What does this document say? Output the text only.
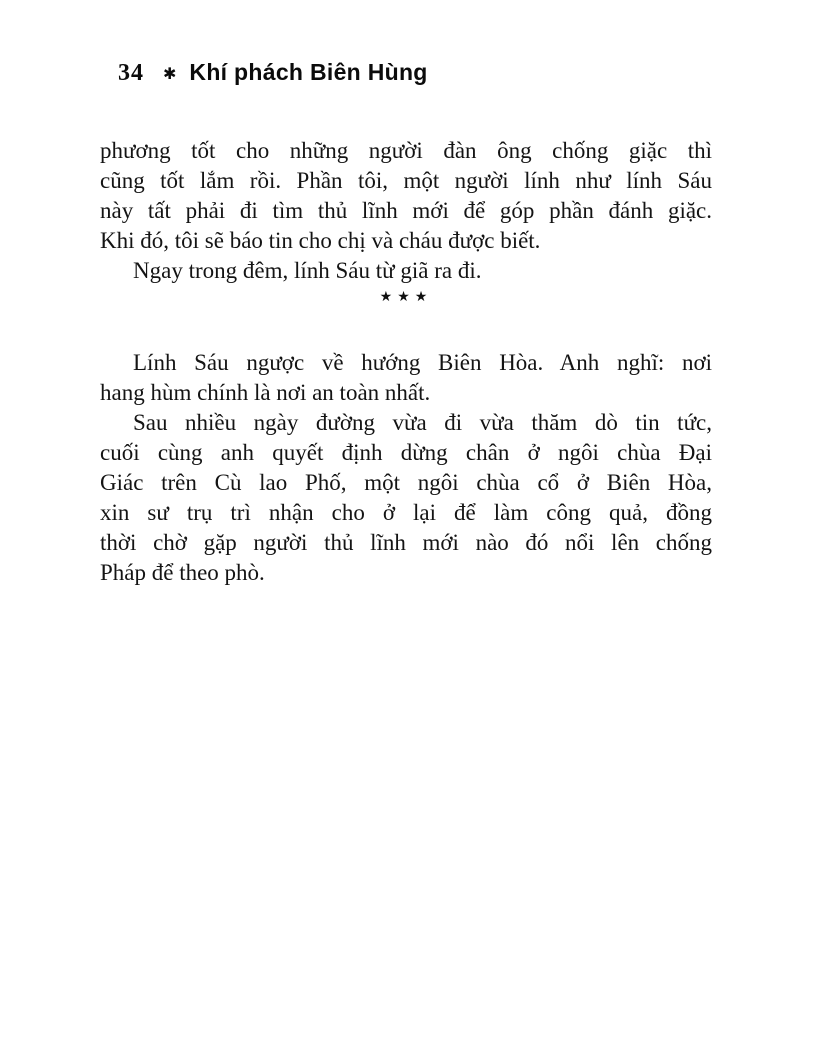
34 ✱ Khí phách Biên Hùng

phương tốt cho những người đàn ông chống giặc thì
cũng tốt lắm rồi. Phần tôi, một người lính như lính Sáu
này tất phải đi tìm thủ lĩnh mới để góp phần đánh giặc.
Khi đó, tôi sẽ báo tin cho chị và cháu được biết.

Ngay trong đêm, lính Sáu từ giã ra đi.

★★★

Lính Sáu ngược về hướng Biên Hòa. Anh nghĩ: nơi
hang hùm chính là nơi an toàn nhất.

Sau nhiều ngày đường vừa đi vừa thăm dò tin tức,
cuối cùng anh quyết định dừng chân ở ngôi chùa Đại
Giác trên Cù lao Phố, một ngôi chùa cổ ở Biên Hòa,
xin sư trụ trì nhận cho ở lại để làm công quả, đồng
thời chờ gặp người thủ lĩnh mới nào đó nổi lên chống
Pháp để theo phò.
